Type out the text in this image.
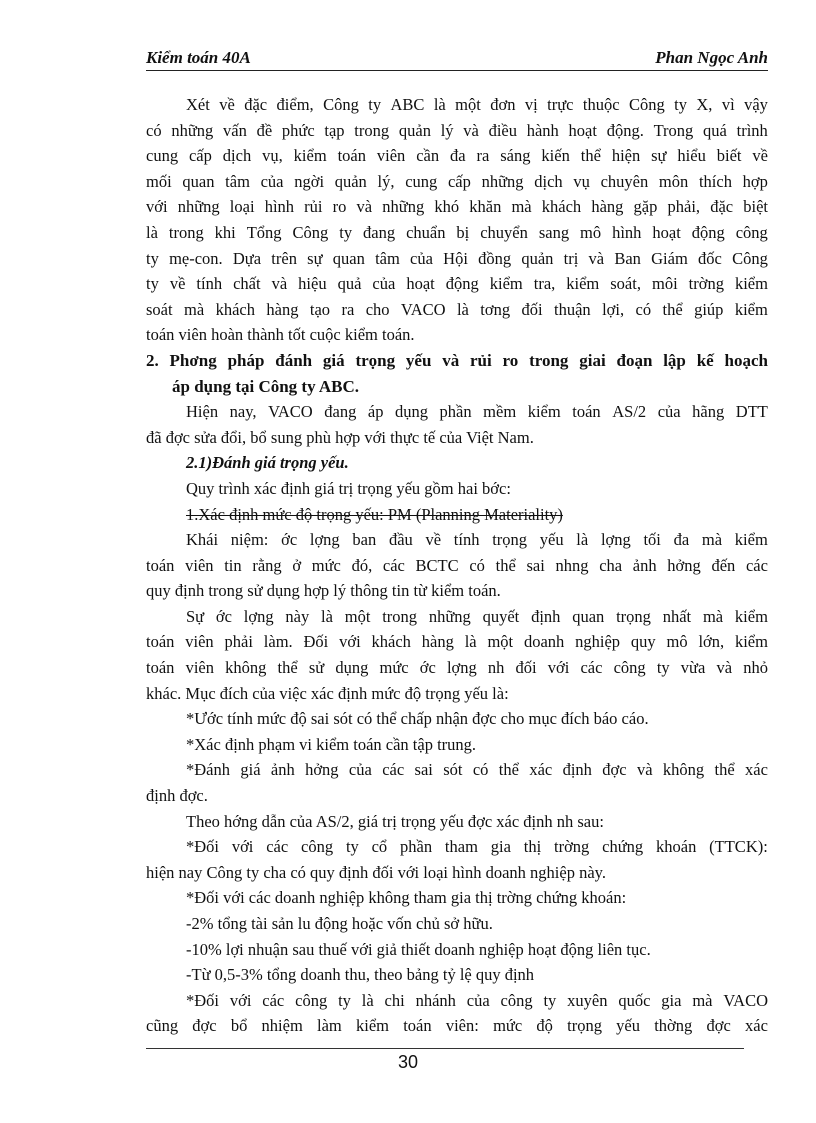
Kiểm toán 40A	Phan Ngọc Anh
Xét về đặc điểm, Công ty ABC là một đơn vị trực thuộc Công ty X, vì vậy
có những vấn đề phức tạp trong quản lý và điều hành hoạt động. Trong quá trình
cung cấp dịch vụ, kiểm toán viên cần đa ra sáng kiến thể hiện sự hiểu biết về
mối quan tâm của ngời quản lý, cung cấp những dịch vụ chuyên môn thích hợp
với những loại hình rủi ro và những khó khăn mà khách hàng gặp phải, đặc biệt
là trong khi Tổng Công ty đang chuẩn bị chuyển sang mô hình hoạt động công
ty mẹ-con. Dựa trên sự quan tâm của Hội đồng quản trị và Ban Giám đốc Công
ty về tính chất và hiệu quả của hoạt động kiểm tra, kiểm soát, môi trờng kiểm
soát mà khách hàng tạo ra cho VACO là tơng đối thuận lợi, có thể giúp kiểm
toán viên hoàn thành tốt cuộc kiểm toán.
2. Phơng pháp đánh giá trọng yếu và rủi ro trong giai đoạn lập kế hoạch
áp dụng tại Công ty ABC.
Hiện nay, VACO đang áp dụng phần mềm kiểm toán AS/2 của hãng DTT
đã đợc sửa đổi, bổ sung phù hợp với thực tế của Việt Nam.
2.1)Đánh giá trọng yếu.
Quy trình xác định giá trị trọng yếu gồm hai bớc:
1.Xác định mức độ trọng yếu: PM (Planning Materiality)
Khái niệm: ớc lợng ban đầu về tính trọng yếu là lợng tối đa mà kiểm
toán viên tin rằng ở mức đó, các BCTC có thể sai nhng cha ảnh hởng đến các
quy định trong sử dụng hợp lý thông tin từ kiểm toán.
Sự ớc lợng này là một trong những quyết định quan trọng nhất mà kiểm
toán viên phải làm. Đối với khách hàng là một doanh nghiệp quy mô lớn, kiểm
toán viên không thể sử dụng mức ớc lợng nh đối với các công ty vừa và nhỏ
khác. Mục đích của việc xác định mức độ trọng yếu là:
*Ước tính mức độ sai sót có thể chấp nhận đợc cho mục đích báo cáo.
*Xác định phạm vi kiểm toán cần tập trung.
*Đánh giá ảnh hởng của các sai sót có thể xác định đợc và không thể xác
định đợc.
Theo hớng dẫn của AS/2, giá trị trọng yếu đợc xác định nh sau:
*Đối với các công ty cổ phần tham gia thị trờng chứng khoán (TTCK):
hiện nay Công ty cha có quy định đối với loại hình doanh nghiệp này.
*Đối với các doanh nghiệp không tham gia thị trờng chứng khoán:
-2% tổng tài sản lu động hoặc vốn chủ sở hữu.
-10% lợi nhuận sau thuế với giả thiết doanh nghiệp hoạt động liên tục.
-Từ 0,5-3% tổng doanh thu, theo bảng tỷ lệ quy định
*Đối với các công ty là chi nhánh của công ty xuyên quốc gia mà VACO
cũng đợc bổ nhiệm làm kiểm toán viên: mức độ trọng yếu thờng đợc xác
30
